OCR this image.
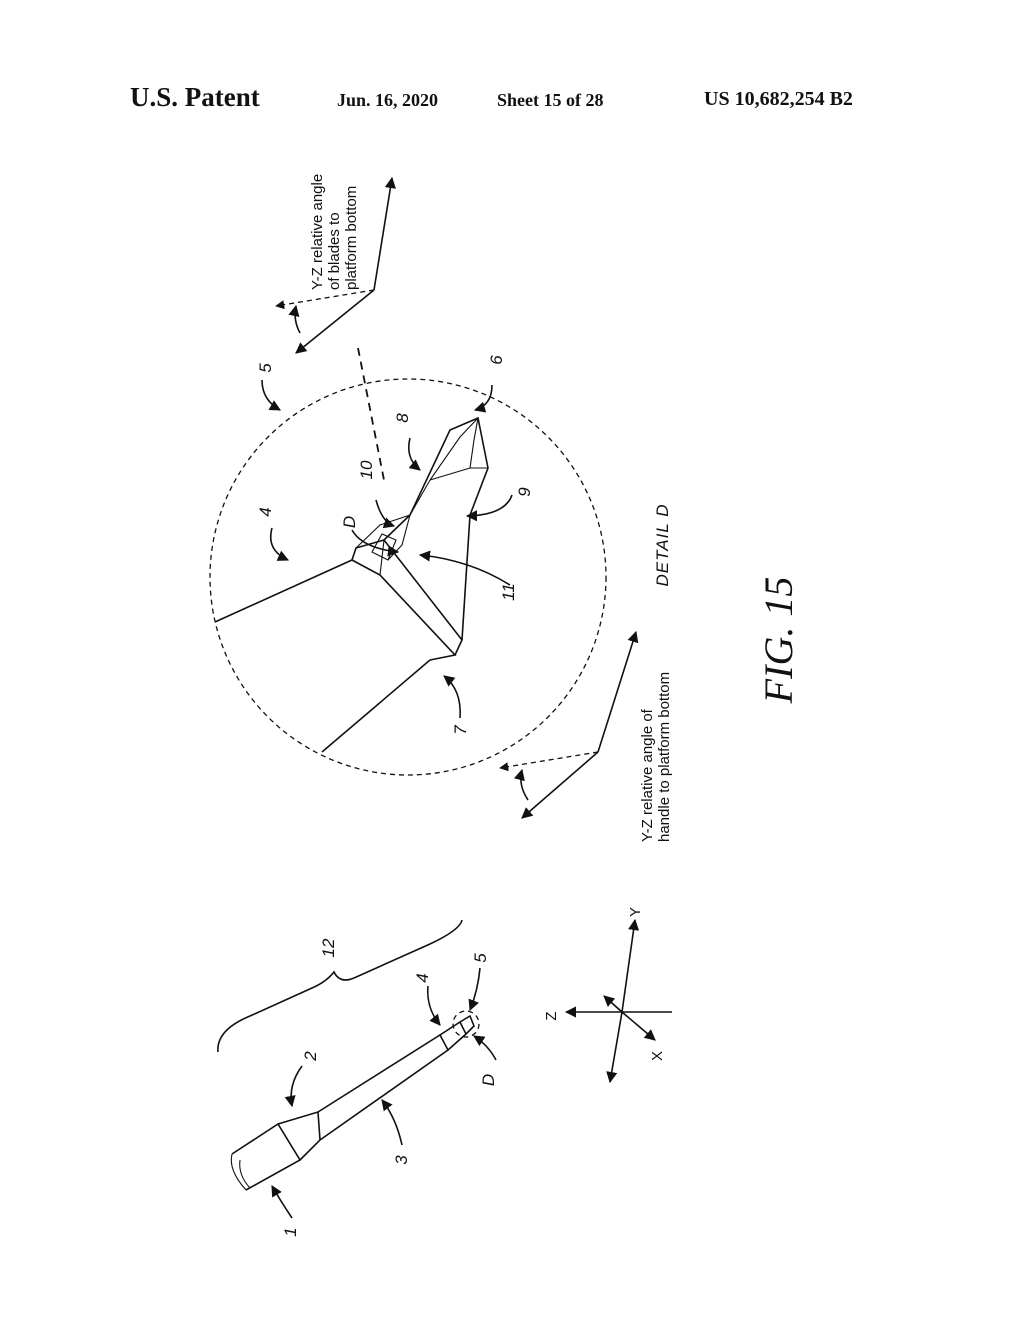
U.S. Patent	Jun. 16, 2020	Sheet 15 of 28	US 10,682,254 B2
Y-Z relative angle of blades to platform bottom
5
4
6
8
10
D
9
11
7
DETAIL D
Y-Z relative angle of handle to platform bottom
FIG. 15
1
2
3
4
5
D
12
Z
Y
X
